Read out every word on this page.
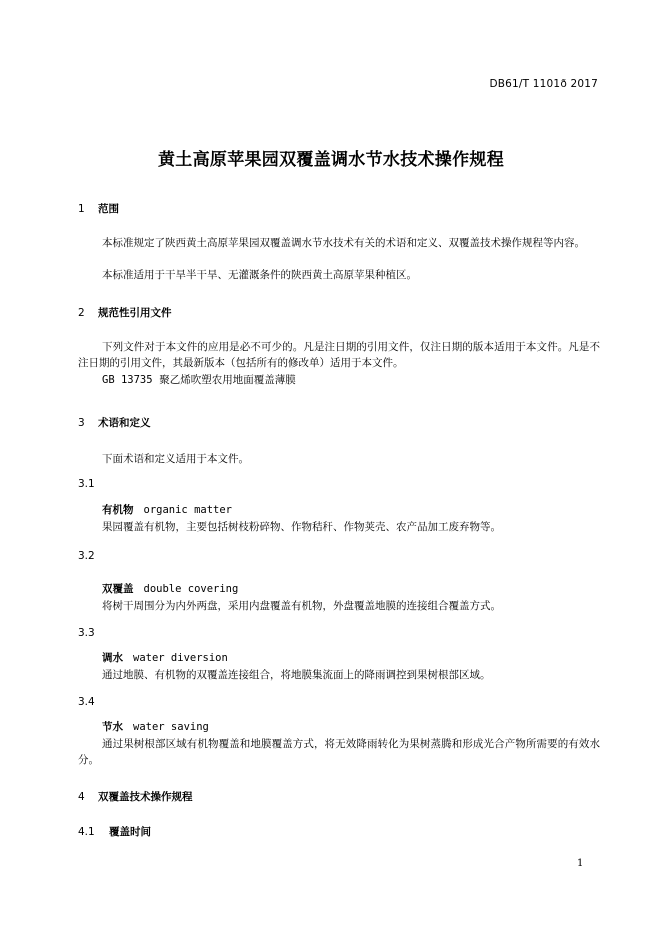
DB61/T 1101ð 2017
黄土高原苹果园双覆盖调水节水技术操作规程
1 范围
本标准规定了陕西黄土高原苹果园双覆盖调水节水技术有关的术语和定义、双覆盖技术操作规程等内容。
本标准适用于干旱半干旱、无灌溉条件的陕西黄土高原苹果种植区。
2 规范性引用文件
下列文件对于本文件的应用是必不可少的。凡是注日期的引用文件，仅注日期的版本适用于本文件。凡是不注日期的引用文件，其最新版本（包括所有的修改单）适用于本文件。
GB 13735 聚乙烯吹塑农用地面覆盖薄膜
3 术语和定义
下面术语和定义适用于本文件。
3.1
有机物 organic matter
果园覆盖有机物，主要包括树枝粉碎物、作物秸秆、作物荚壳、农产品加工废弃物等。
3.2
双覆盖 double covering
将树干周围分为内外两盘，采用内盘覆盖有机物，外盘覆盖地膜的连接组合覆盖方式。
3.3
调水 water diversion
通过地膜、有机物的双覆盖连接组合，将地膜集流面上的降雨调控到果树根部区域。
3.4
节水 water saving
通过果树根部区域有机物覆盖和地膜覆盖方式，将无效降雨转化为果树蒸腾和形成光合产物所需要的有效水分。
4 双覆盖技术操作规程
4.1 覆盖时间
1
